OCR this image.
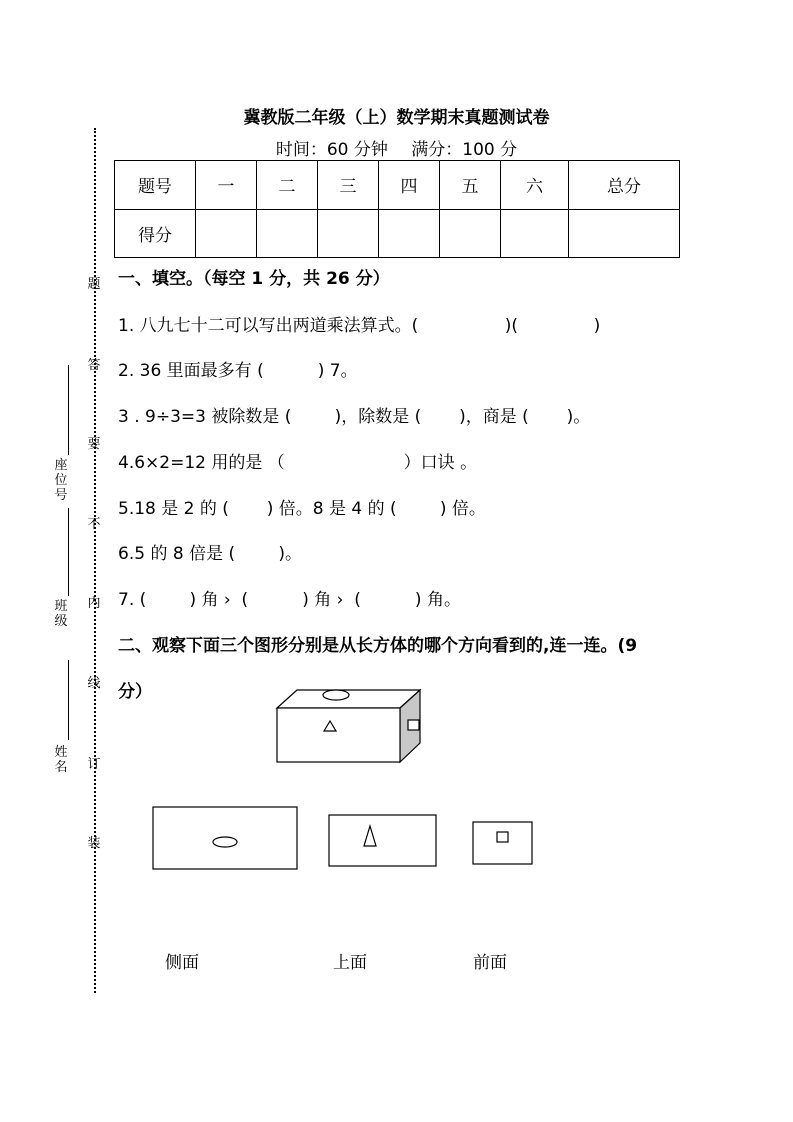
冀教版二年级（上）数学期末真题测试卷
时间：60 分钟 满分：100 分
题号	一	二	三	四	五	六	总分
得分							
一、填空。（每空 1 分，共 26 分）
1. 八九七十二可以写出两道乘法算式。(                )(              )
2. 36 里面最多有 (          ) 7。
3 . 9÷3=3 被除数是 (        )，除数是 (       )，商是 (       )。
4.6×2=12 用的是 （                      ）口诀 。
5.18 是 2 的 (       ) 倍。8 是 4 的 (        ) 倍。
6.5 的 8 倍是 (        )。
7. (        ) 角 ›  (          ) 角 ›  (          ) 角。
二、观察下面三个图形分别是从长方体的哪个方向看到的,连一连。(9
分）
侧面	上面	前面
题
答
要
不
内
线
订
装
座位号
班级
姓名
